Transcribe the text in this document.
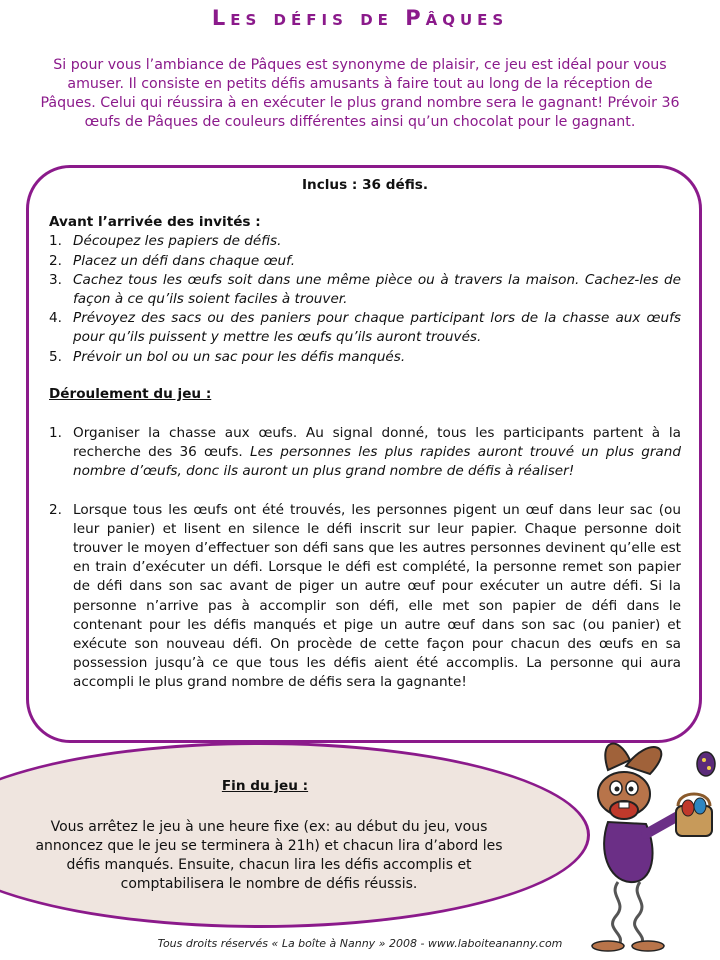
Les défis de Pâques
Si pour vous l’ambiance de Pâques est synonyme de plaisir, ce jeu est idéal pour vous amuser. Il consiste en petits défis amusants à faire tout au long de la réception de Pâques. Celui qui réussira à en exécuter le plus grand nombre sera le gagnant! Prévoir 36 œufs de Pâques de couleurs différentes ainsi qu’un chocolat pour le gagnant.
Inclus : 36 défis.
Avant l’arrivée des invités :
1. Découpez les papiers de défis.
2. Placez un défi dans chaque œuf.
3. Cachez tous les œufs soit dans une même pièce ou à travers la maison. Cachez-les de façon à ce qu’ils soient faciles à trouver.
4. Prévoyez des sacs ou des paniers pour chaque participant lors de la chasse aux œufs pour qu’ils puissent y mettre les œufs qu’ils auront trouvés.
5. Prévoir un bol ou un sac pour les défis manqués.
Déroulement du jeu :
1. Organiser la chasse aux œufs. Au signal donné, tous les participants partent à la recherche des 36 œufs. Les personnes les plus rapides auront trouvé un plus grand nombre d’œufs, donc ils auront un plus grand nombre de défis à réaliser!
2. Lorsque tous les œufs ont été trouvés, les personnes pigent un œuf dans leur sac (ou leur panier) et lisent en silence le défi inscrit sur leur papier. Chaque personne doit trouver le moyen d’effectuer son défi sans que les autres personnes devinent qu’elle est en train d’exécuter un défi. Lorsque le défi est complété, la personne remet son papier de défi dans son sac avant de piger un autre œuf pour exécuter un autre défi. Si la personne n’arrive pas à accomplir son défi, elle met son papier de défi dans le contenant pour les défis manqués et pige un autre œuf dans son sac (ou panier) et exécute son nouveau défi. On procède de cette façon pour chacun des œufs en sa possession jusqu’à ce que tous les défis aient été accomplis. La personne qui aura accompli le plus grand nombre de défis sera la gagnante!
Fin du jeu :
Vous arrêtez le jeu à une heure fixe (ex: au début du jeu, vous annoncez que le jeu se terminera à 21h) et chacun lira d’abord les défis manqués. Ensuite, chacun lira les défis accomplis et comptabilisera le nombre de défis réussis.
Tous droits réservés « La boîte à Nanny » 2008 - www.laboiteananny.com
